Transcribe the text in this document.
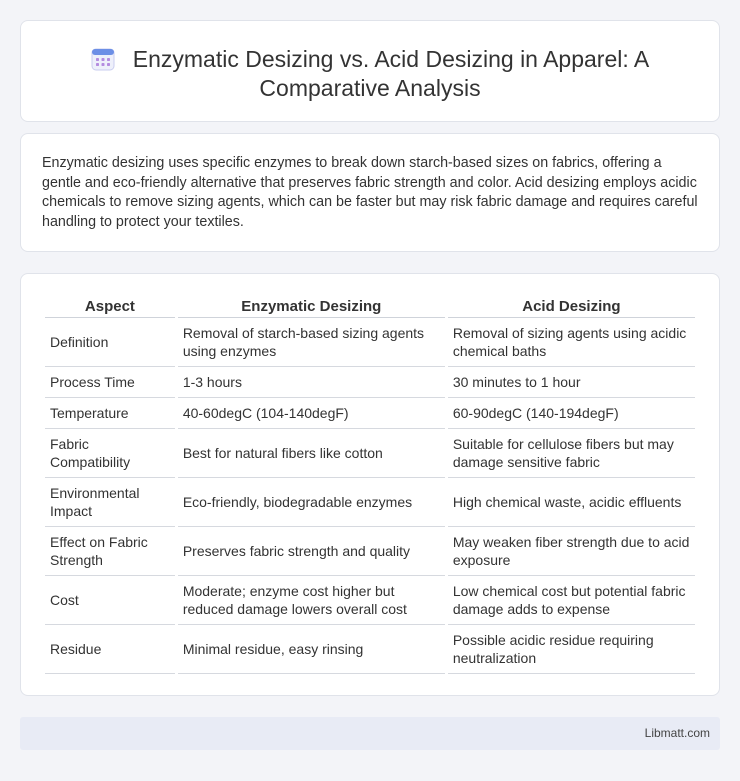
Enzymatic Desizing vs. Acid Desizing in Apparel: A Comparative Analysis

Enzymatic desizing uses specific enzymes to break down starch-based sizes on fabrics, offering a gentle and eco-friendly alternative that preserves fabric strength and color. Acid desizing employs acidic chemicals to remove sizing agents, which can be faster but may risk fabric damage and requires careful handling to protect your textiles.

Aspect	Enzymatic Desizing	Acid Desizing
Definition	Removal of starch-based sizing agents using enzymes	Removal of sizing agents using acidic chemical baths
Process Time	1-3 hours	30 minutes to 1 hour
Temperature	40-60degC (104-140degF)	60-90degC (140-194degF)
Fabric Compatibility	Best for natural fibers like cotton	Suitable for cellulose fibers but may damage sensitive fabric
Environmental Impact	Eco-friendly, biodegradable enzymes	High chemical waste, acidic effluents
Effect on Fabric Strength	Preserves fabric strength and quality	May weaken fiber strength due to acid exposure
Cost	Moderate; enzyme cost higher but reduced damage lowers overall cost	Low chemical cost but potential fabric damage adds to expense
Residue	Minimal residue, easy rinsing	Possible acidic residue requiring neutralization
Libmatt.com
